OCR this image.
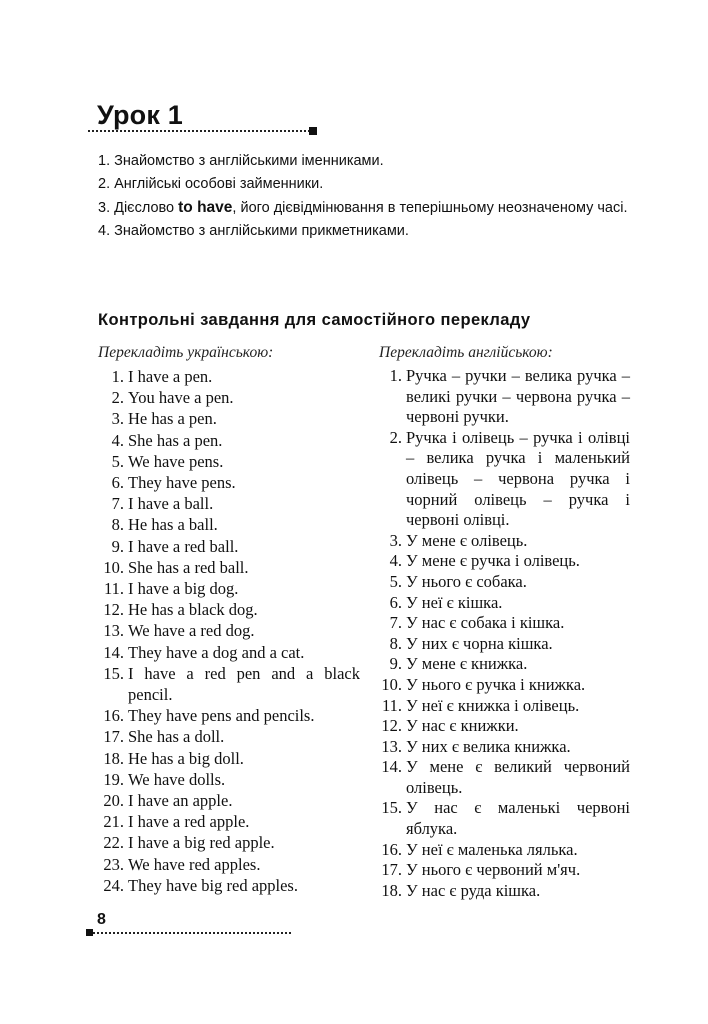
Урок 1
1. Знайомство з англійськими іменниками.
2. Англійські особові займенники.
3. Дієслово to have, його дієвідмінювання в теперішньому неозначеному часі.
4. Знайомство з англійськими прикметниками.
Контрольні завдання для самостійного перекладу
Перекладіть українською:	Перекладіть англійською:
1. I have a pen.
2. You have a pen.
3. He has a pen.
4. She has a pen.
5. We have pens.
6. They have pens.
7. I have a ball.
8. He has a ball.
9. I have a red ball.
10. She has a red ball.
11. I have a big dog.
12. He has a black dog.
13. We have a red dog.
14. They have a dog and a cat.
15. I have a red pen and a black pencil.
16. They have pens and pencils.
17. She has a doll.
18. He has a big doll.
19. We have dolls.
20. I have an apple.
21. I have a red apple.
22. I have a big red apple.
23. We have red apples.
24. They have big red apples.
1. Ручка – ручки – велика ручка – великі ручки – червона ручка – червоні ручки.
2. Ручка і олівець – ручка і олівці – велика ручка і маленький олівець – червона ручка і чорний олівець – ручка і червоні олівці.
3. У мене є олівець.
4. У мене є ручка і олівець.
5. У нього є собака.
6. У неї є кішка.
7. У нас є собака і кішка.
8. У них є чорна кішка.
9. У мене є книжка.
10. У нього є ручка і книжка.
11. У неї є книжка і олівець.
12. У нас є книжки.
13. У них є велика книжка.
14. У мене є великий червоний олівець.
15. У нас є маленькі червоні яблука.
16. У неї є маленька лялька.
17. У нього є червоний м'яч.
18. У нас є руда кішка.
8
